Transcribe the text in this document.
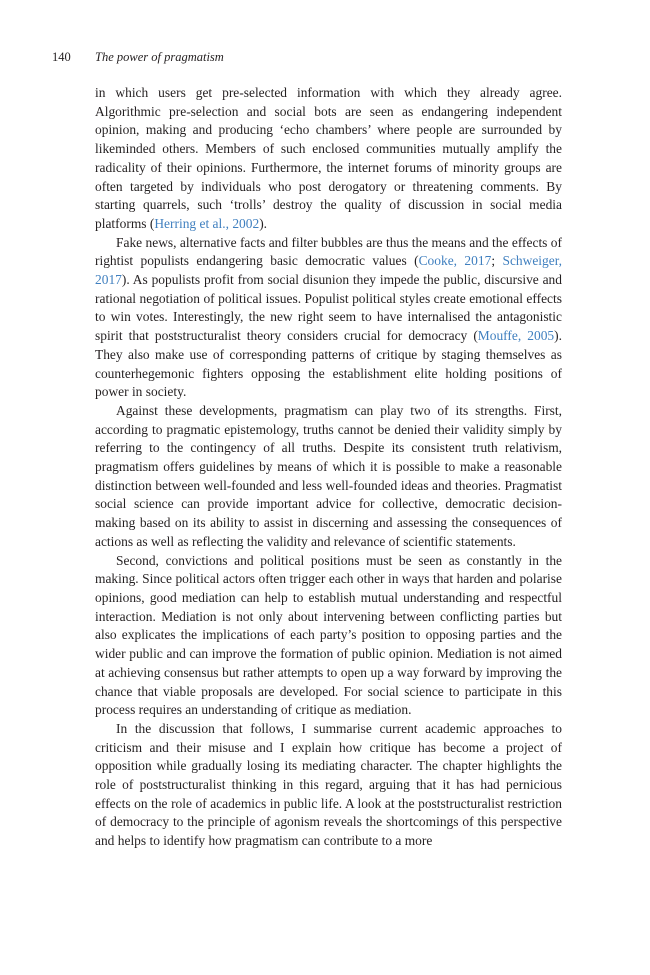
140 The power of pragmatism

in which users get pre-selected information with which they already agree. Algorithmic pre-selection and social bots are seen as endangering independent opinion, making and producing ‘echo chambers’ where people are surrounded by likeminded others. Members of such enclosed communities mutually amplify the radicality of their opinions. Furthermore, the internet forums of minority groups are often targeted by individuals who post derogatory or threatening comments. By starting quarrels, such ‘trolls’ destroy the quality of discussion in social media platforms (Herring et al., 2002).

Fake news, alternative facts and filter bubbles are thus the means and the effects of rightist populists endangering basic democratic values (Cooke, 2017; Schweiger, 2017). As populists profit from social disunion they impede the public, discursive and rational negotiation of political issues. Populist political styles create emotional effects to win votes. Interestingly, the new right seem to have internalised the antagonistic spirit that poststructuralist theory considers crucial for democracy (Mouffe, 2005). They also make use of corresponding patterns of critique by staging themselves as counterhegemonic fighters opposing the establishment elite holding positions of power in society.

Against these developments, pragmatism can play two of its strengths. First, according to pragmatic epistemology, truths cannot be denied their validity simply by referring to the contingency of all truths. Despite its consistent truth relativism, pragmatism offers guidelines by means of which it is possible to make a reasonable distinction between well-founded and less well-founded ideas and theories. Pragmatist social science can provide important advice for collective, democratic decision-making based on its ability to assist in discerning and assessing the consequences of actions as well as reflecting the validity and relevance of scientific statements.

Second, convictions and political positions must be seen as constantly in the making. Since political actors often trigger each other in ways that harden and polarise opinions, good mediation can help to establish mutual understanding and respectful interaction. Mediation is not only about intervening between conflicting parties but also explicates the implications of each party’s position to opposing parties and the wider public and can improve the formation of public opinion. Mediation is not aimed at achieving consensus but rather attempts to open up a way forward by improving the chance that viable proposals are developed. For social science to participate in this process requires an understanding of critique as mediation.

In the discussion that follows, I summarise current academic approaches to criticism and their misuse and I explain how critique has become a project of opposition while gradually losing its mediating character. The chapter highlights the role of poststructuralist thinking in this regard, arguing that it has had pernicious effects on the role of academics in public life. A look at the poststructuralist restriction of democracy to the principle of agonism reveals the shortcomings of this perspective and helps to identify how pragmatism can contribute to a more
